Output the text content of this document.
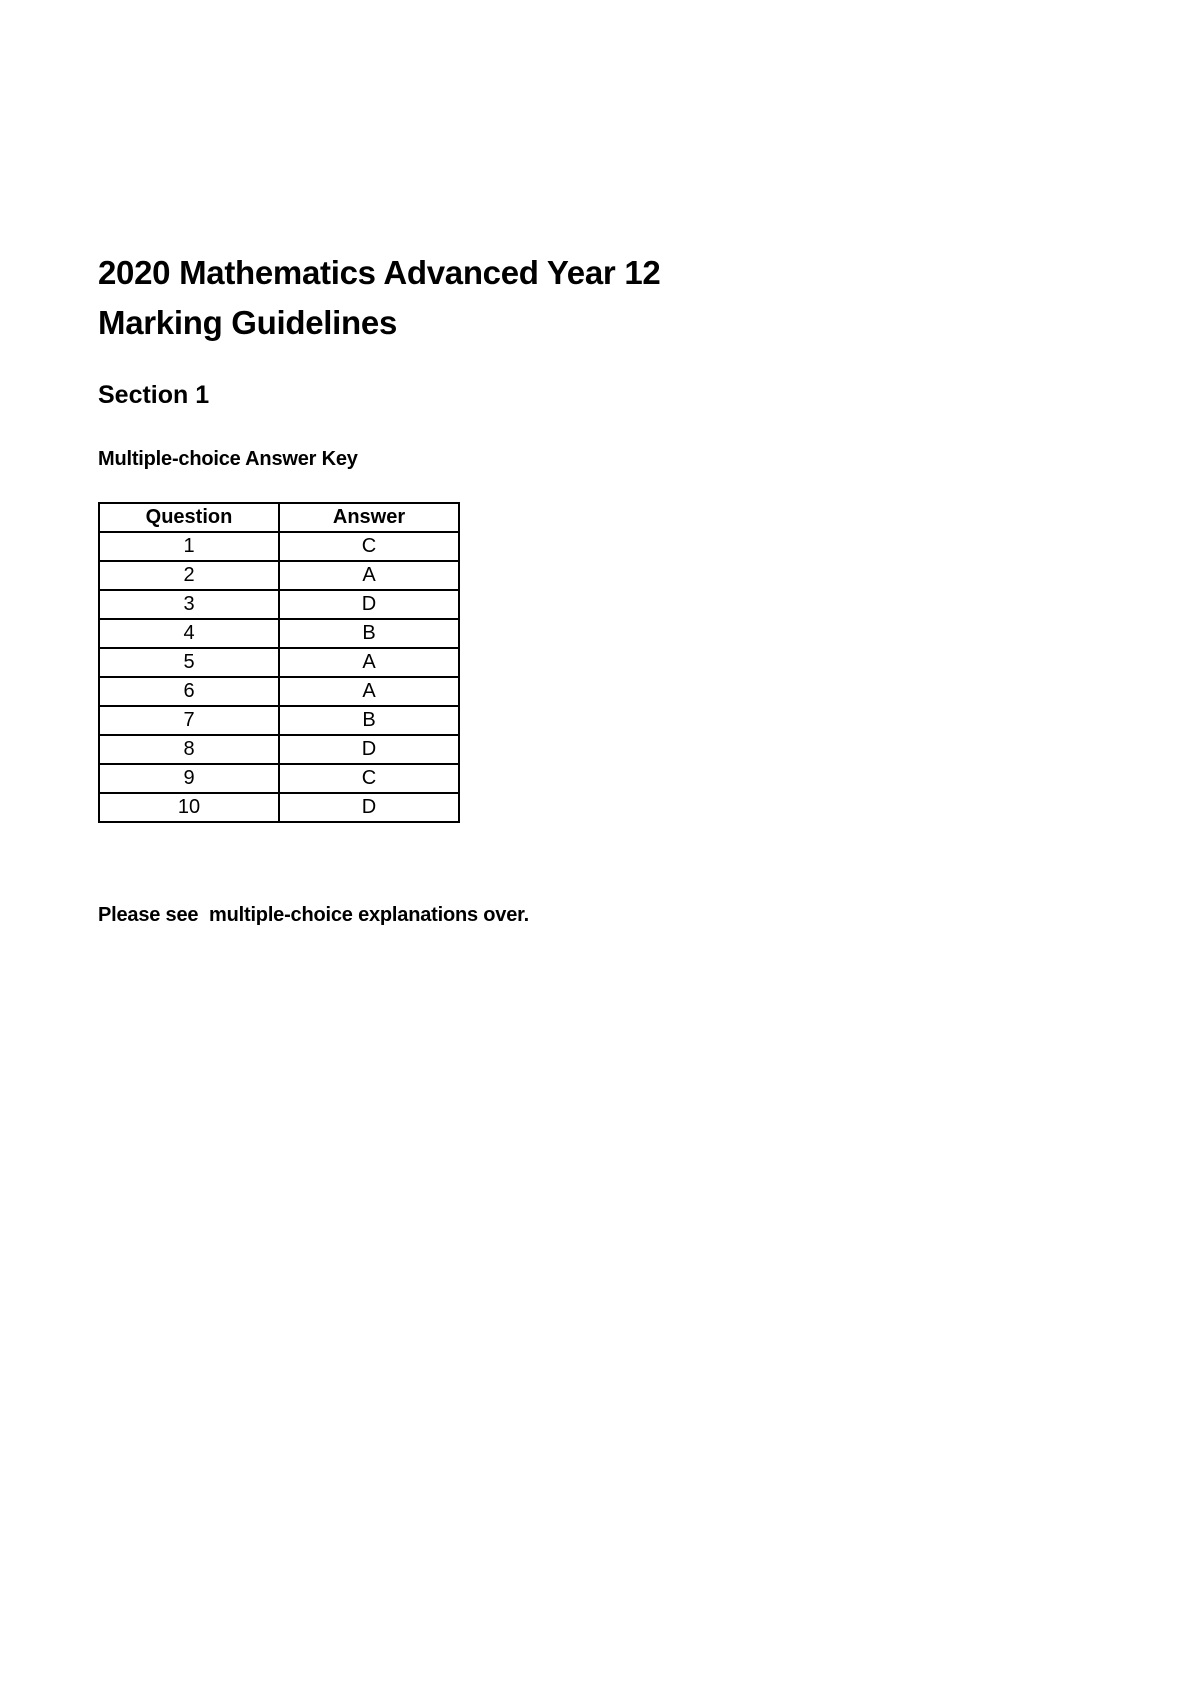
2020 Mathematics Advanced Year 12
Marking Guidelines
Section 1

Multiple-choice Answer Key

Question	Answer
1	C
2	A
3	D
4	B
5	A
6	A
7	B
8	D
9	C
10	D

Please see  multiple-choice explanations over.
